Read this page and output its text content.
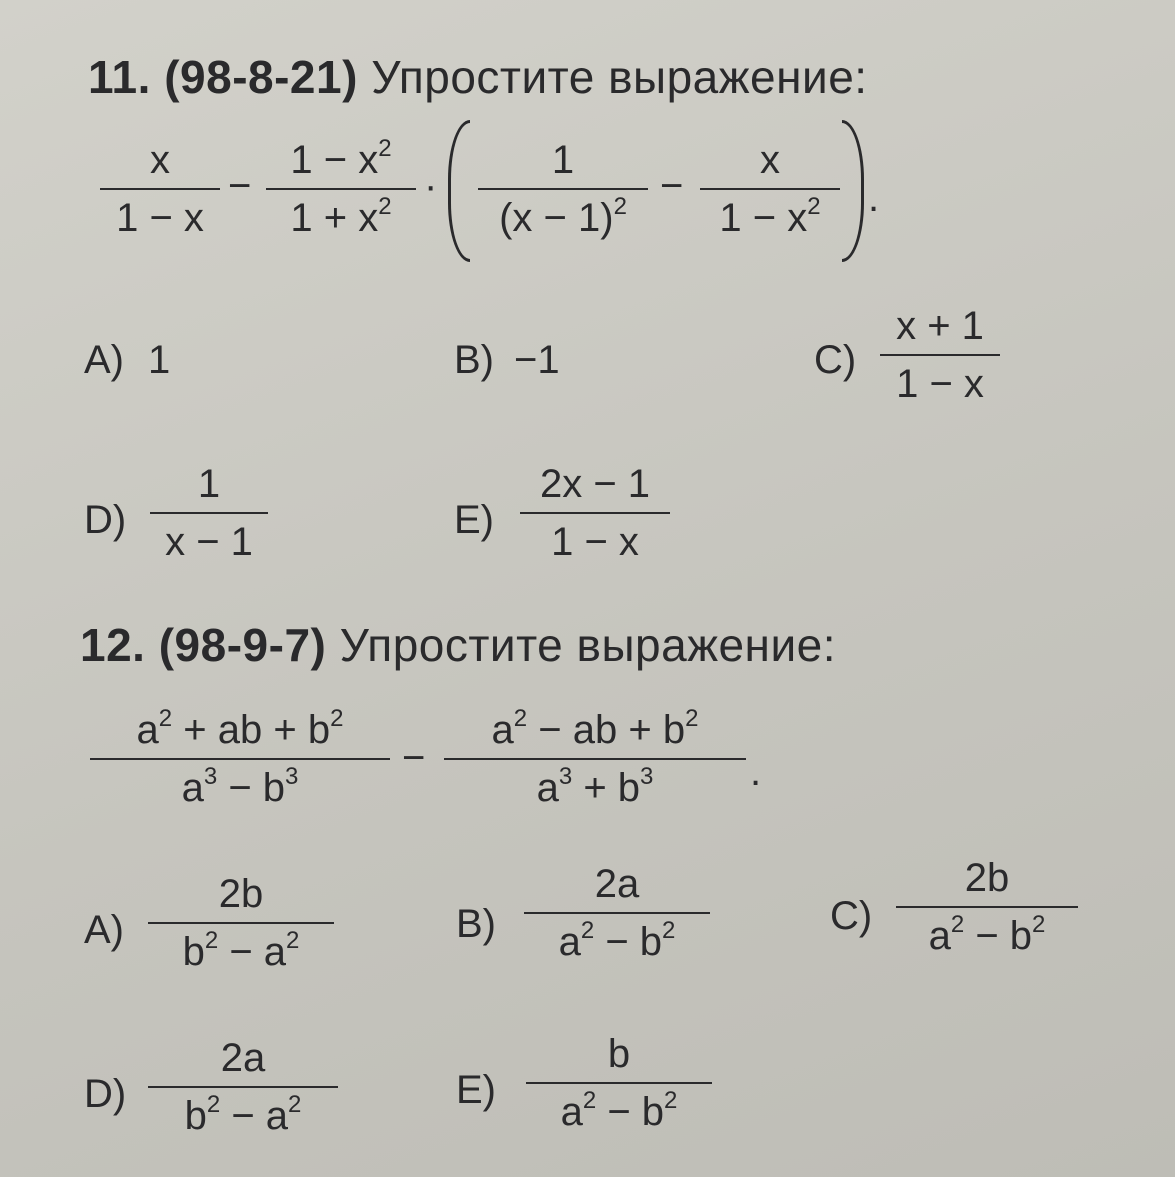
11. (98-8-21) Упростите выражение:
x
1 − x
−
$1 - x^2$
$1 + x^2$ ·
1
$(x - 1)^2$ −
x
$1 - x^2$ .
A) 1	B) −1	C)
x + 1
1 − x
D)
1
x − 1	E)
2x − 1
1 − x
12. (98-9-7) Упростите выражение:
$a^2$ + ab + $b^2$
$a^3 - b^3$	−
$a^2$ − ab + $b^2$
$a^3 + b^3$ .
A)
2b
$b^2 - a^2$	B)
2a
$a^2 - b^2$	C)
2b
$a^2 - b^2$
D)
2a
$b^2 - a^2$	E)
b
$a^2 - b^2$
